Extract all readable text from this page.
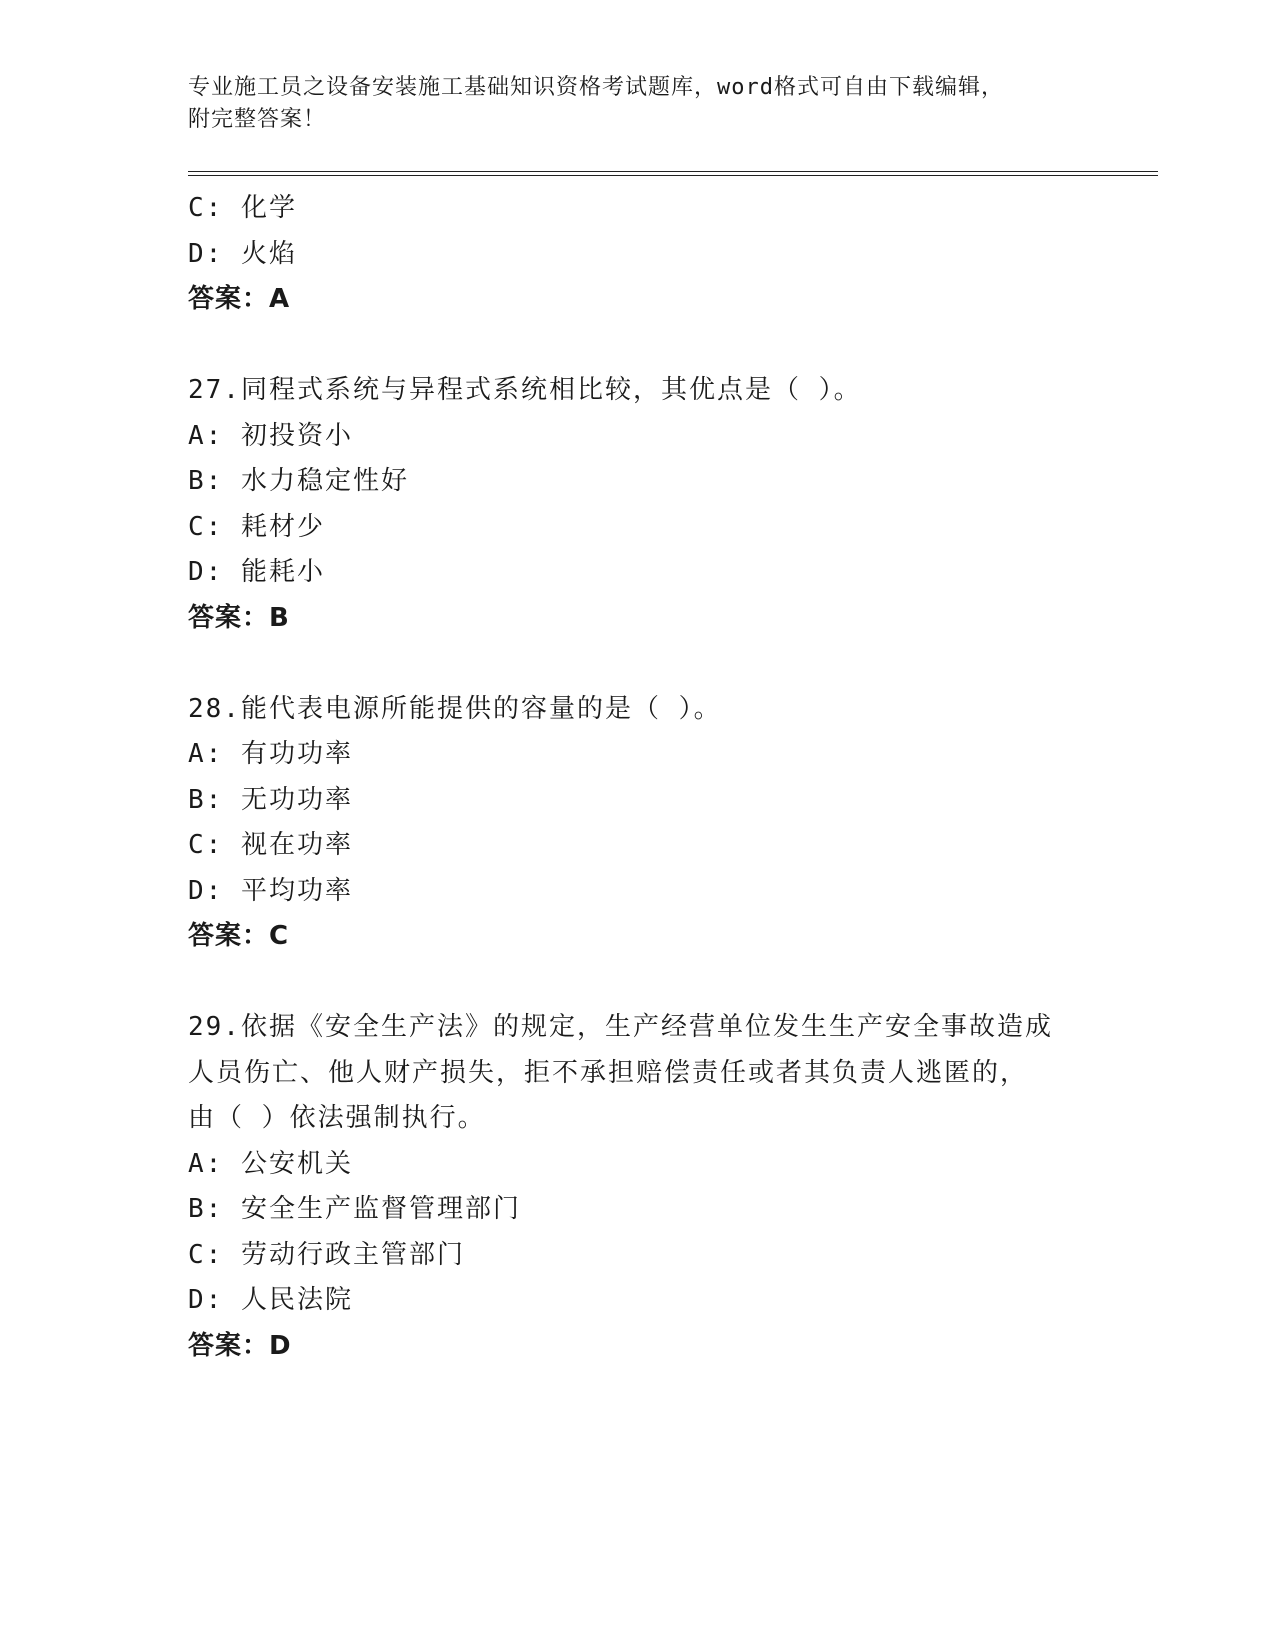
专业施工员之设备安装施工基础知识资格考试题库，word格式可自由下载编辑，
附完整答案！
C: 化学
D: 火焰
答案：A
27.同程式系统与异程式系统相比较，其优点是（ ）。
A: 初投资小
B: 水力稳定性好
C: 耗材少
D: 能耗小
答案：B
28.能代表电源所能提供的容量的是（ ）。
A: 有功功率
B: 无功功率
C: 视在功率
D: 平均功率
答案：C
29.依据《安全生产法》的规定，生产经营单位发生生产安全事故造成
人员伤亡、他人财产损失，拒不承担赔偿责任或者其负责人逃匿的，
由（ ）依法强制执行。
A: 公安机关
B: 安全生产监督管理部门
C: 劳动行政主管部门
D: 人民法院
答案：D
